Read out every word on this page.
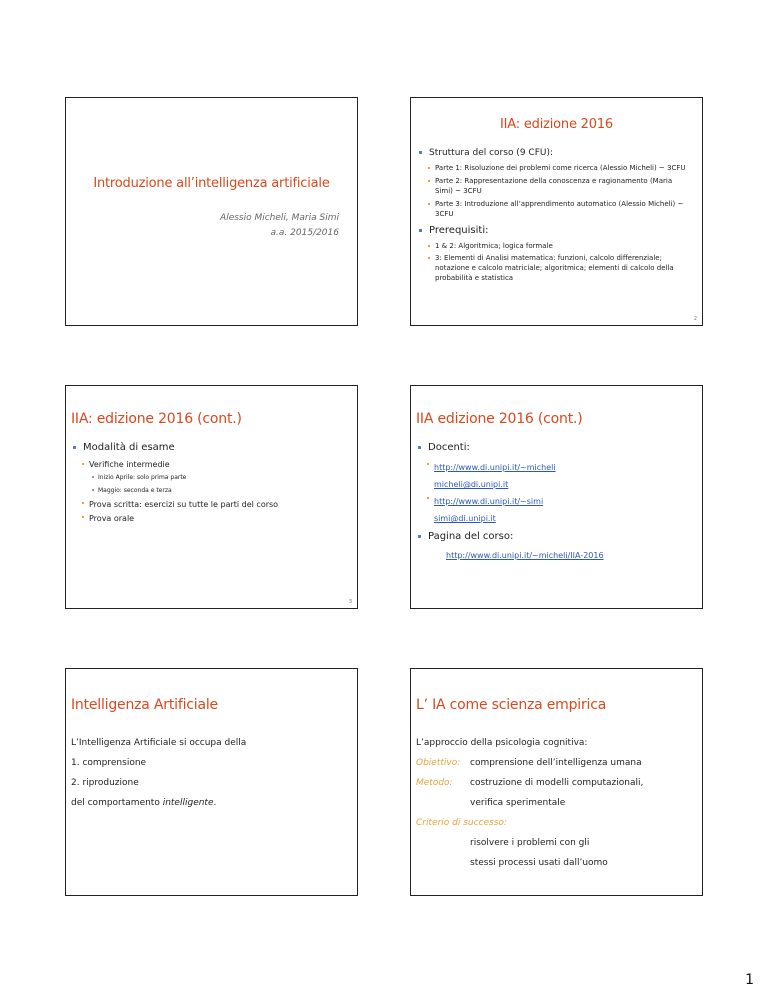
Introduzione all’intelligenza artificiale
Alessio Micheli, Maria Simi
a.a. 2015/2016
IIA: edizione 2016
Struttura del corso (9 CFU):
Parte 1: Risoluzione dei problemi come ricerca (Alessio Micheli) ~ 3CFU
Parte 2: Rappresentazione della conoscenza e ragionamento (Maria Simi) ~ 3CFU
Parte 3: Introduzione all’apprendimento automatico (Alessio Micheli) ~ 3CFU
Prerequisiti:
1 & 2: Algoritmica; logica formale
3: Elementi di Analisi matematica: funzioni, calcolo differenziale; notazione e calcolo matriciale; algoritmica; elementi di calcolo della probabilità e statistica
2
IIA: edizione 2016 (cont.)
Modalità di esame
Verifiche intermedie
Inizio Aprile: solo prima parte
Maggio: seconda e terza
Prova scritta: esercizi su tutte le parti del corso
Prova orale
3
IIA edizione 2016 (cont.)
Docenti:
http://www.di.unipi.it/~micheli
micheli@di.unipi.it
http://www.di.unipi.it/~simi
simi@di.unipi.it
Pagina del corso:
http://www.di.unipi.it/~micheli/IIA-2016
Intelligenza Artificiale
L’Intelligenza Artificiale si occupa della
1. comprensione
2. riproduzione
del comportamento intelligente.
L’ IA come scienza empirica
L’approccio della psicologia cognitiva:
Obiettivo: comprensione dell’intelligenza umana
Metodo: costruzione di modelli computazionali,
verifica sperimentale
Criterio di successo:
risolvere i problemi con gli
stessi processi usati dall’uomo
1
